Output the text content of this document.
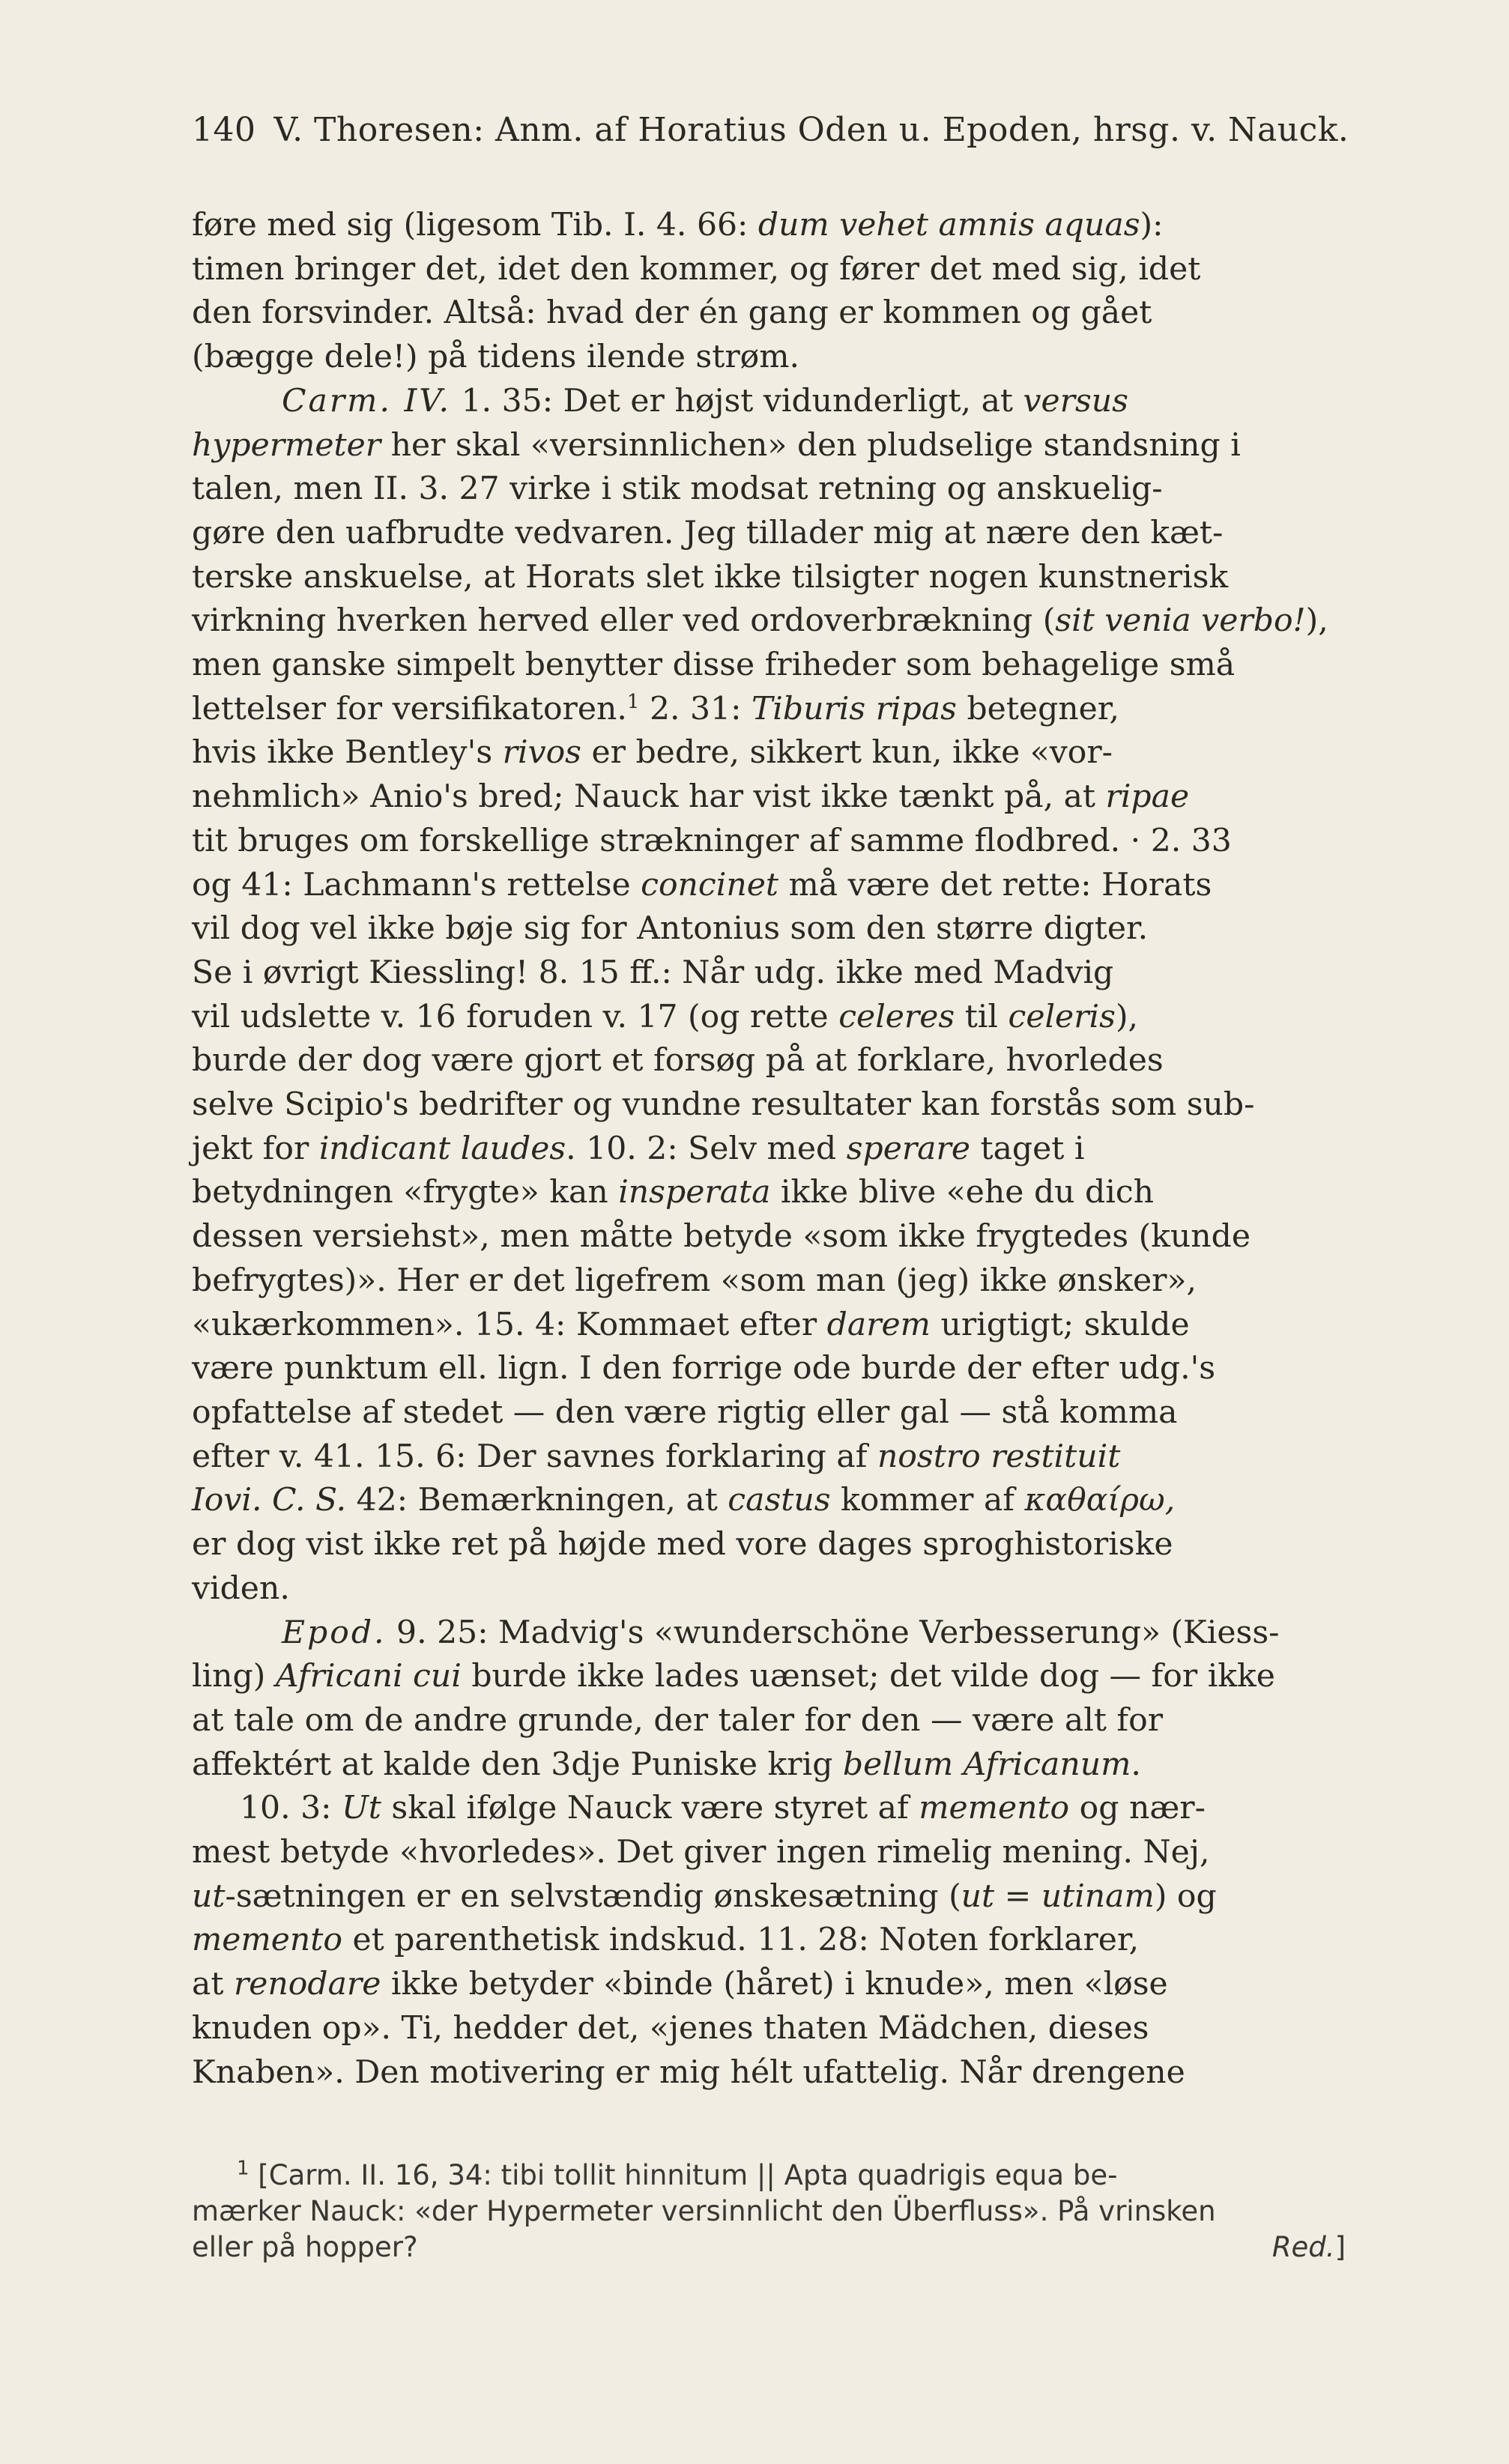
140 V. Thoresen: Anm. af Horatius Oden u. Epoden, hrsg. v. Nauck.
føre med sig (ligesom Tib. I. 4. 66: dum vehet amnis aquas):
timen bringer det, idet den kommer, og fører det med sig, idet
den forsvinder. Altså: hvad der én gang er kommen og gået
(bægge dele!) på tidens ilende strøm.
Carm. IV. 1. 35: Det er højst vidunderligt, at versus
hypermeter her skal «versinnlichen» den pludselige standsning i
talen, men II. 3. 27 virke i stik modsat retning og anskuelig-
gøre den uafbrudte vedvaren. Jeg tillader mig at nære den kæt-
terske anskuelse, at Horats slet ikke tilsigter nogen kunstnerisk
virkning hverken herved eller ved ordoverbrækning (sit venia verbo!),
men ganske simpelt benytter disse friheder som behagelige små
lettelser for versifikatoren.$^1$ 2. 31: Tiburis ripas betegner,
hvis ikke Bentley's rivos er bedre, sikkert kun, ikke «vor-
nehmlich» Anio's bred; Nauck har vist ikke tænkt på, at ripae
tit bruges om forskellige strækninger af samme flodbred. · 2. 33
og 41: Lachmann's rettelse concinet må være det rette: Horats
vil dog vel ikke bøje sig for Antonius som den større digter.
Se i øvrigt Kiessling! 8. 15 ff.: Når udg. ikke med Madvig
vil udslette v. 16 foruden v. 17 (og rette celeres til celeris),
burde der dog være gjort et forsøg på at forklare, hvorledes
selve Scipio's bedrifter og vundne resultater kan forstås som sub-
jekt for indicant laudes. 10. 2: Selv med sperare taget i
betydningen «frygte» kan insperata ikke blive «ehe du dich
dessen versiehst», men måtte betyde «som ikke frygtedes (kunde
befrygtes)». Her er det ligefrem «som man (jeg) ikke ønsker»,
«ukærkommen». 15. 4: Kommaet efter darem urigtigt; skulde
være punktum ell. lign. I den forrige ode burde der efter udg.'s
opfattelse af stedet — den være rigtig eller gal — stå komma
efter v. 41. 15. 6: Der savnes forklaring af nostro restituit
Iovi. C. S. 42: Bemærkningen, at castus kommer af καθαίρω,
er dog vist ikke ret på højde med vore dages sproghistoriske
viden.
Epod. 9. 25: Madvig's «wunderschöne Verbesserung» (Kiess-
ling) Africani cui burde ikke lades uænset; det vilde dog — for ikke
at tale om de andre grunde, der taler for den — være alt for
affektért at kalde den 3dje Puniske krig bellum Africanum.
10. 3: Ut skal ifølge Nauck være styret af memento og nær-
mest betyde «hvorledes». Det giver ingen rimelig mening. Nej,
ut-sætningen er en selvstændig ønskesætning (ut = utinam) og
memento et parenthetisk indskud. 11. 28: Noten forklarer,
at renodare ikke betyder «binde (håret) i knude», men «løse
knuden op». Ti, hedder det, «jenes thaten Mädchen, dieses
Knaben». Den motivering er mig hélt ufattelig. Når drengene
$^1$ [Carm. II. 16, 34: tibi tollit hinnitum || Apta quadrigis equa be-
mærker Nauck: «der Hypermeter versinnlicht den Überfluss». På vrinsken
eller på hopper?	Red.]
